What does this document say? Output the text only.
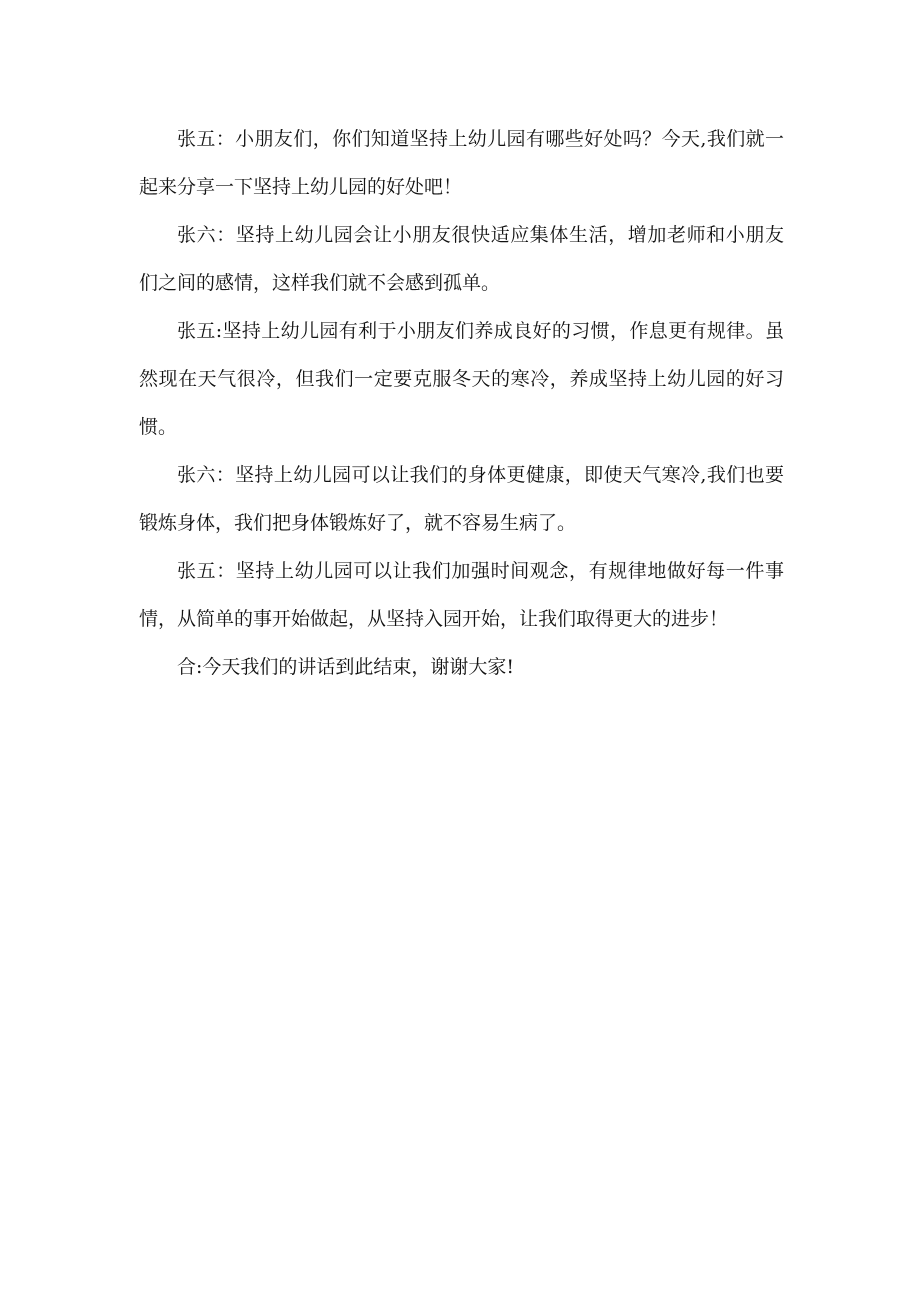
张五：小朋友们，你们知道坚持上幼儿园有哪些好处吗？今天,我们就一起来分享一下坚持上幼儿园的好处吧！

张六：坚持上幼儿园会让小朋友很快适应集体生活，增加老师和小朋友们之间的感情，这样我们就不会感到孤单。

张五:坚持上幼儿园有利于小朋友们养成良好的习惯，作息更有规律。虽然现在天气很冷，但我们一定要克服冬天的寒冷，养成坚持上幼儿园的好习惯。

张六：坚持上幼儿园可以让我们的身体更健康，即使天气寒冷,我们也要锻炼身体，我们把身体锻炼好了，就不容易生病了。

张五：坚持上幼儿园可以让我们加强时间观念，有规律地做好每一件事情，从简单的事开始做起，从坚持入园开始，让我们取得更大的进步！

合:今天我们的讲话到此结束，谢谢大家!
